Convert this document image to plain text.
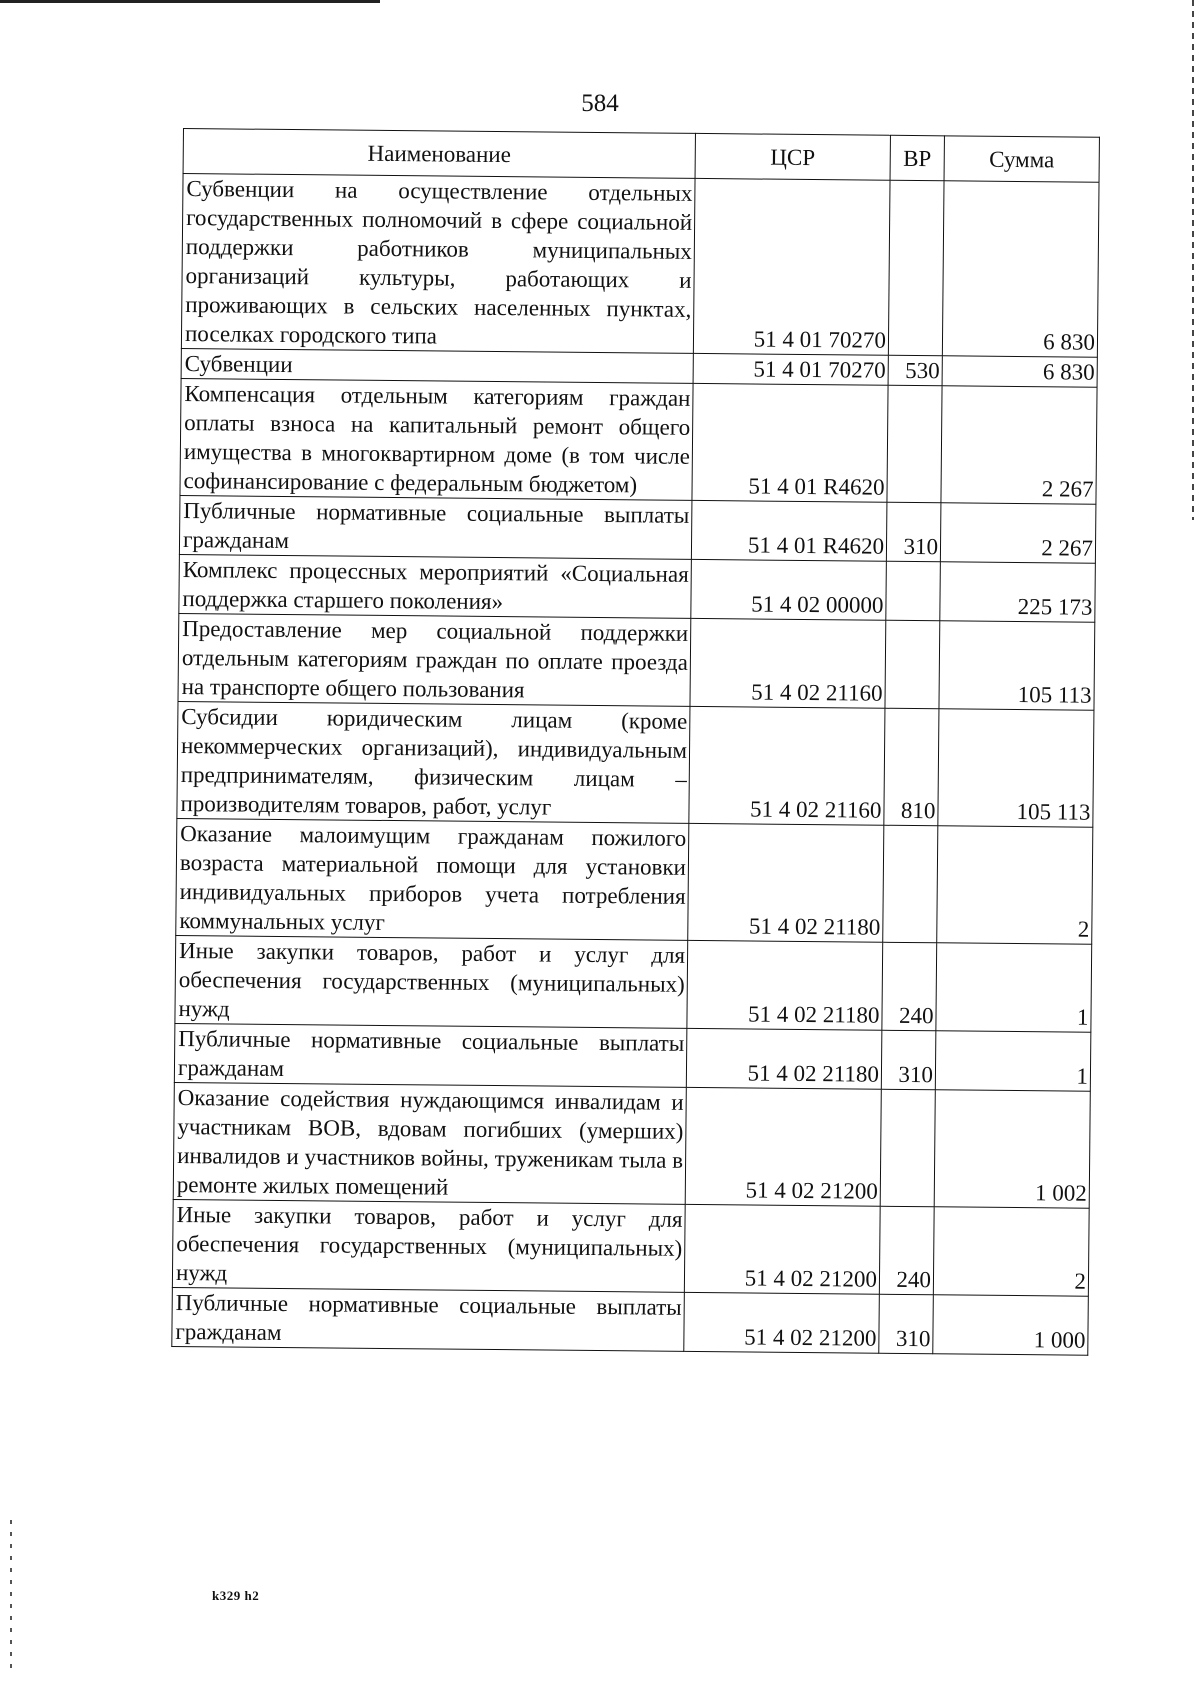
584
Наименование	ЦСР	ВР	Сумма
Субвенции на осуществление отдельных государственных полномочий в сфере социальной поддержки работников муниципальных организаций культуры, работающих и проживающих в сельских населенных пунктах, поселках городского типа	51 4 01 70270		6 830
Субвенции	51 4 01 70270	530	6 830
Компенсация отдельным категориям граждан оплаты взноса на капитальный ремонт общего имущества в многоквартирном доме (в том числе софинансирование с федеральным бюджетом)	51 4 01 R4620		2 267
Публичные нормативные социальные выплаты гражданам	51 4 01 R4620	310	2 267
Комплекс процессных мероприятий «Социальная поддержка старшего поколения»	51 4 02 00000		225 173
Предоставление мер социальной поддержки отдельным категориям граждан по оплате проезда на транспорте общего пользования	51 4 02 21160		105 113
Субсидии юридическим лицам (кроме некоммерческих организаций), индивидуальным предпринимателям, физическим лицам – производителям товаров, работ, услуг	51 4 02 21160	810	105 113
Оказание малоимущим гражданам пожилого возраста материальной помощи для установки индивидуальных приборов учета потребления коммунальных услуг	51 4 02 21180		2
Иные закупки товаров, работ и услуг для обеспечения государственных (муниципальных) нужд	51 4 02 21180	240	1
Публичные нормативные социальные выплаты гражданам	51 4 02 21180	310	1
Оказание содействия нуждающимся инвалидам и участникам ВОВ, вдовам погибших (умерших) инвалидов и участников войны, труженикам тыла в ремонте жилых помещений	51 4 02 21200		1 002
Иные закупки товаров, работ и услуг для обеспечения государственных (муниципальных) нужд	51 4 02 21200	240	2
Публичные нормативные социальные выплаты гражданам	51 4 02 21200	310	1 000
k329 h2
